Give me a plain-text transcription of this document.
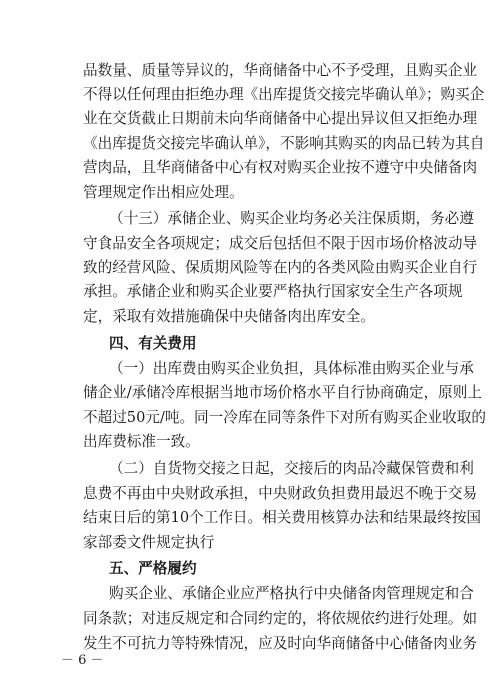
品数量、质量等异议的，华商储备中心不予受理，且购买企业
不得以任何理由拒绝办理《出库提货交接完毕确认单》；购买企
业在交货截止日期前未向华商储备中心提出异议但又拒绝办理
《出库提货交接完毕确认单》，不影响其购买的肉品已转为其自
营肉品，且华商储备中心有权对购买企业按不遵守中央储备肉
管理规定作出相应处理。
（十三）承储企业、购买企业均务必关注保质期，务必遵
守食品安全各项规定；成交后包括但不限于因市场价格波动导
致的经营风险、保质期风险等在内的各类风险由购买企业自行
承担。承储企业和购买企业要严格执行国家安全生产各项规
定，采取有效措施确保中央储备肉出库安全。
四、有关费用
（一）出库费由购买企业负担，具体标准由购买企业与承
储企业/承储冷库根据当地市场价格水平自行协商确定，原则上
不超过50元/吨。同一冷库在同等条件下对所有购买企业收取的
出库费标准一致。
（二）自货物交接之日起，交接后的肉品冷藏保管费和利
息费不再由中央财政承担，中央财政负担费用最迟不晚于交易
结束日后的第10个工作日。相关费用核算办法和结果最终按国
家部委文件规定执行
五、严格履约
购买企业、承储企业应严格执行中央储备肉管理规定和合
同条款；对违反规定和合同约定的，将依规依约进行处理。如
发生不可抗力等特殊情况，应及时向华商储备中心储备肉业务
－ 6 －
